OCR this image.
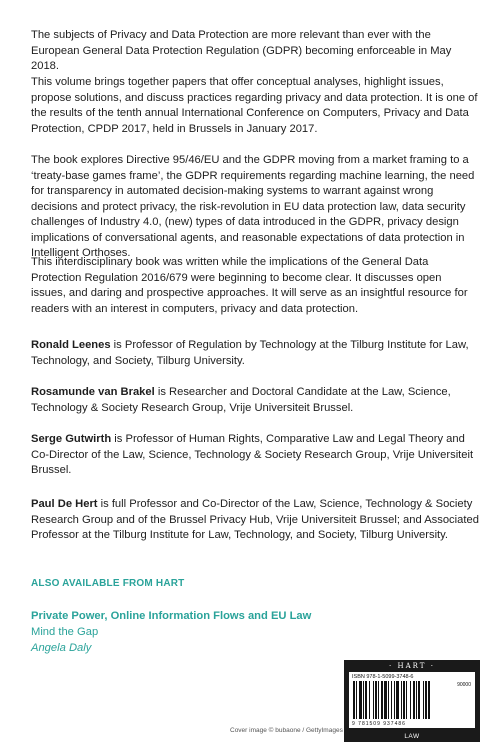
The subjects of Privacy and Data Protection are more relevant than ever with the European General Data Protection Regulation (GDPR) becoming enforceable in May 2018.

This volume brings together papers that offer conceptual analyses, highlight issues, propose solutions, and discuss practices regarding privacy and data protection. It is one of the results of the tenth annual International Conference on Computers, Privacy and Data Protection, CPDP 2017, held in Brussels in January 2017.

The book explores Directive 95/46/EU and the GDPR moving from a market framing to a ‘treaty-base games frame’, the GDPR requirements regarding machine learning, the need for transparency in automated decision-making systems to warrant against wrong decisions and protect privacy, the risk-revolution in EU data protection law, data security challenges of Industry 4.0, (new) types of data introduced in the GDPR, privacy design implications of conversational agents, and reasonable expectations of data protection in Intelligent Orthoses.

This interdisciplinary book was written while the implications of the General Data Protection Regulation 2016/679 were beginning to become clear. It discusses open issues, and daring and prospective approaches. It will serve as an insightful resource for readers with an interest in computers, privacy and data protection.

Ronald Leenes is Professor of Regulation by Technology at the Tilburg Institute for Law, Technology, and Society, Tilburg University.

Rosamunde van Brakel is Researcher and Doctoral Candidate at the Law, Science, Technology & Society Research Group, Vrije Universiteit Brussel.

Serge Gutwirth is Professor of Human Rights, Comparative Law and Legal Theory and Co-Director of the Law, Science, Technology & Society Research Group, Vrije Universiteit Brussel.

Paul De Hert is full Professor and Co-Director of the Law, Science, Technology & Society Research Group and of the Brussel Privacy Hub, Vrije Universiteit Brussel; and Associated Professor at the Tilburg Institute for Law, Technology, and Society, Tilburg University.

ALSO AVAILABLE FROM HART
Private Power, Online Information Flows and EU Law
Mind the Gap
Angela Daly
· HART ·
ISBN 978-1-5099-3748-6
90000
9 781509 937486
LAW
Cover image © bubaone / GettyImages
